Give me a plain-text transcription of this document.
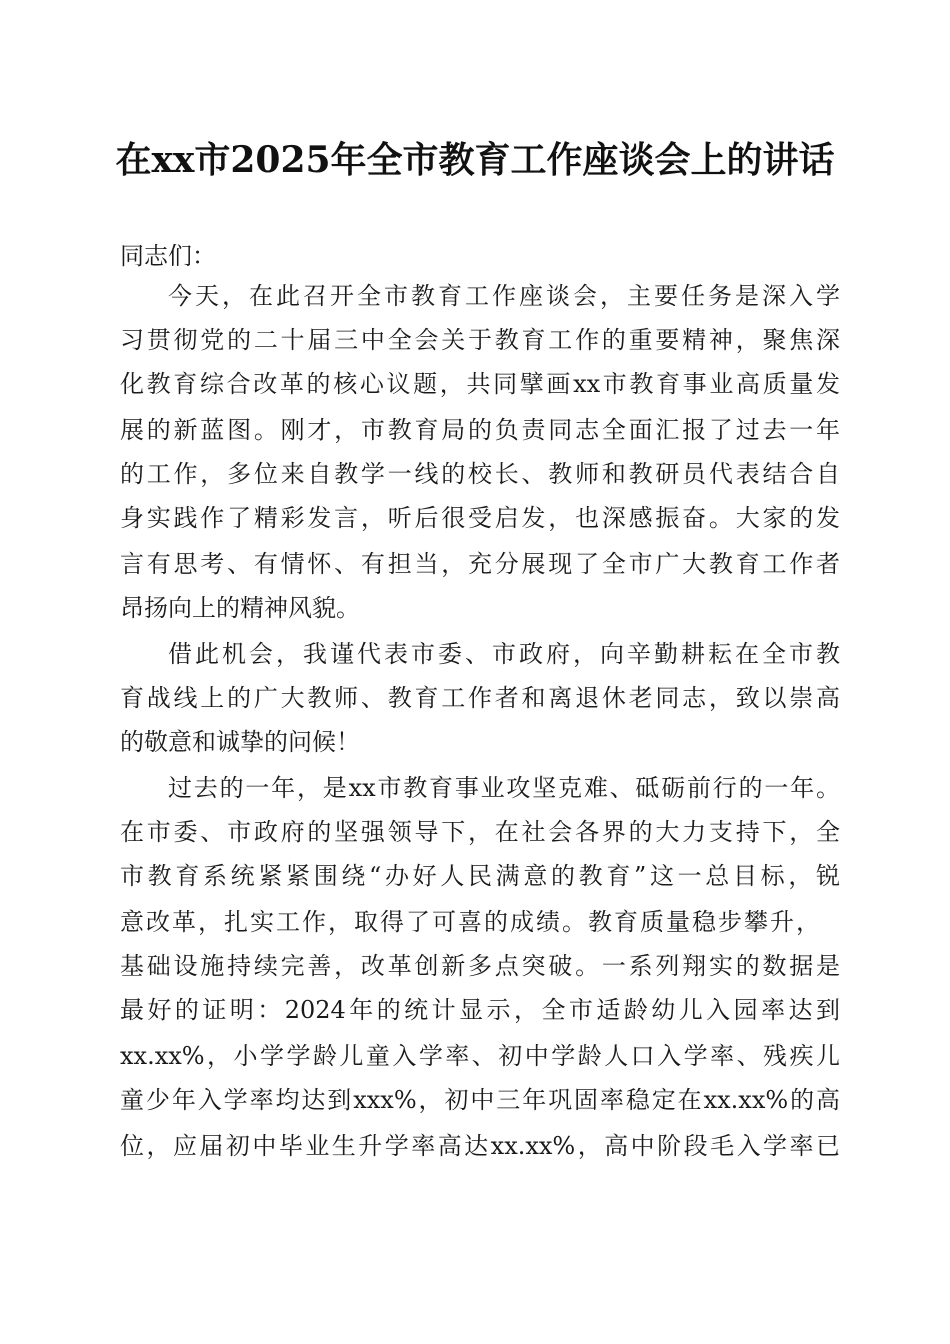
在xx市2025年全市教育工作座谈会上的讲话
同志们：
今天，在此召开全市教育工作座谈会，主要任务是深入学
习贯彻党的二十届三中全会关于教育工作的重要精神，聚焦深
化教育综合改革的核心议题，共同擘画xx市教育事业高质量发
展的新蓝图。刚才，市教育局的负责同志全面汇报了过去一年
的工作，多位来自教学一线的校长、教师和教研员代表结合自
身实践作了精彩发言，听后很受启发，也深感振奋。大家的发
言有思考、有情怀、有担当，充分展现了全市广大教育工作者
昂扬向上的精神风貌。
借此机会，我谨代表市委、市政府，向辛勤耕耘在全市教
育战线上的广大教师、教育工作者和离退休老同志，致以崇高
的敬意和诚挚的问候！
过去的一年，是xx市教育事业攻坚克难、砥砺前行的一年。
在市委、市政府的坚强领导下，在社会各界的大力支持下，全
市教育系统紧紧围绕“办好人民满意的教育”这一总目标，锐
意改革，扎实工作，取得了可喜的成绩。教育质量稳步攀升，
基础设施持续完善，改革创新多点突破。一系列翔实的数据是
最好的证明：2024年的统计显示，全市适龄幼儿入园率达到
xx.xx%，小学学龄儿童入学率、初中学龄人口入学率、残疾儿
童少年入学率均达到xxx%，初中三年巩固率稳定在xx.xx%的高
位，应届初中毕业生升学率高达xx.xx%，高中阶段毛入学率已
